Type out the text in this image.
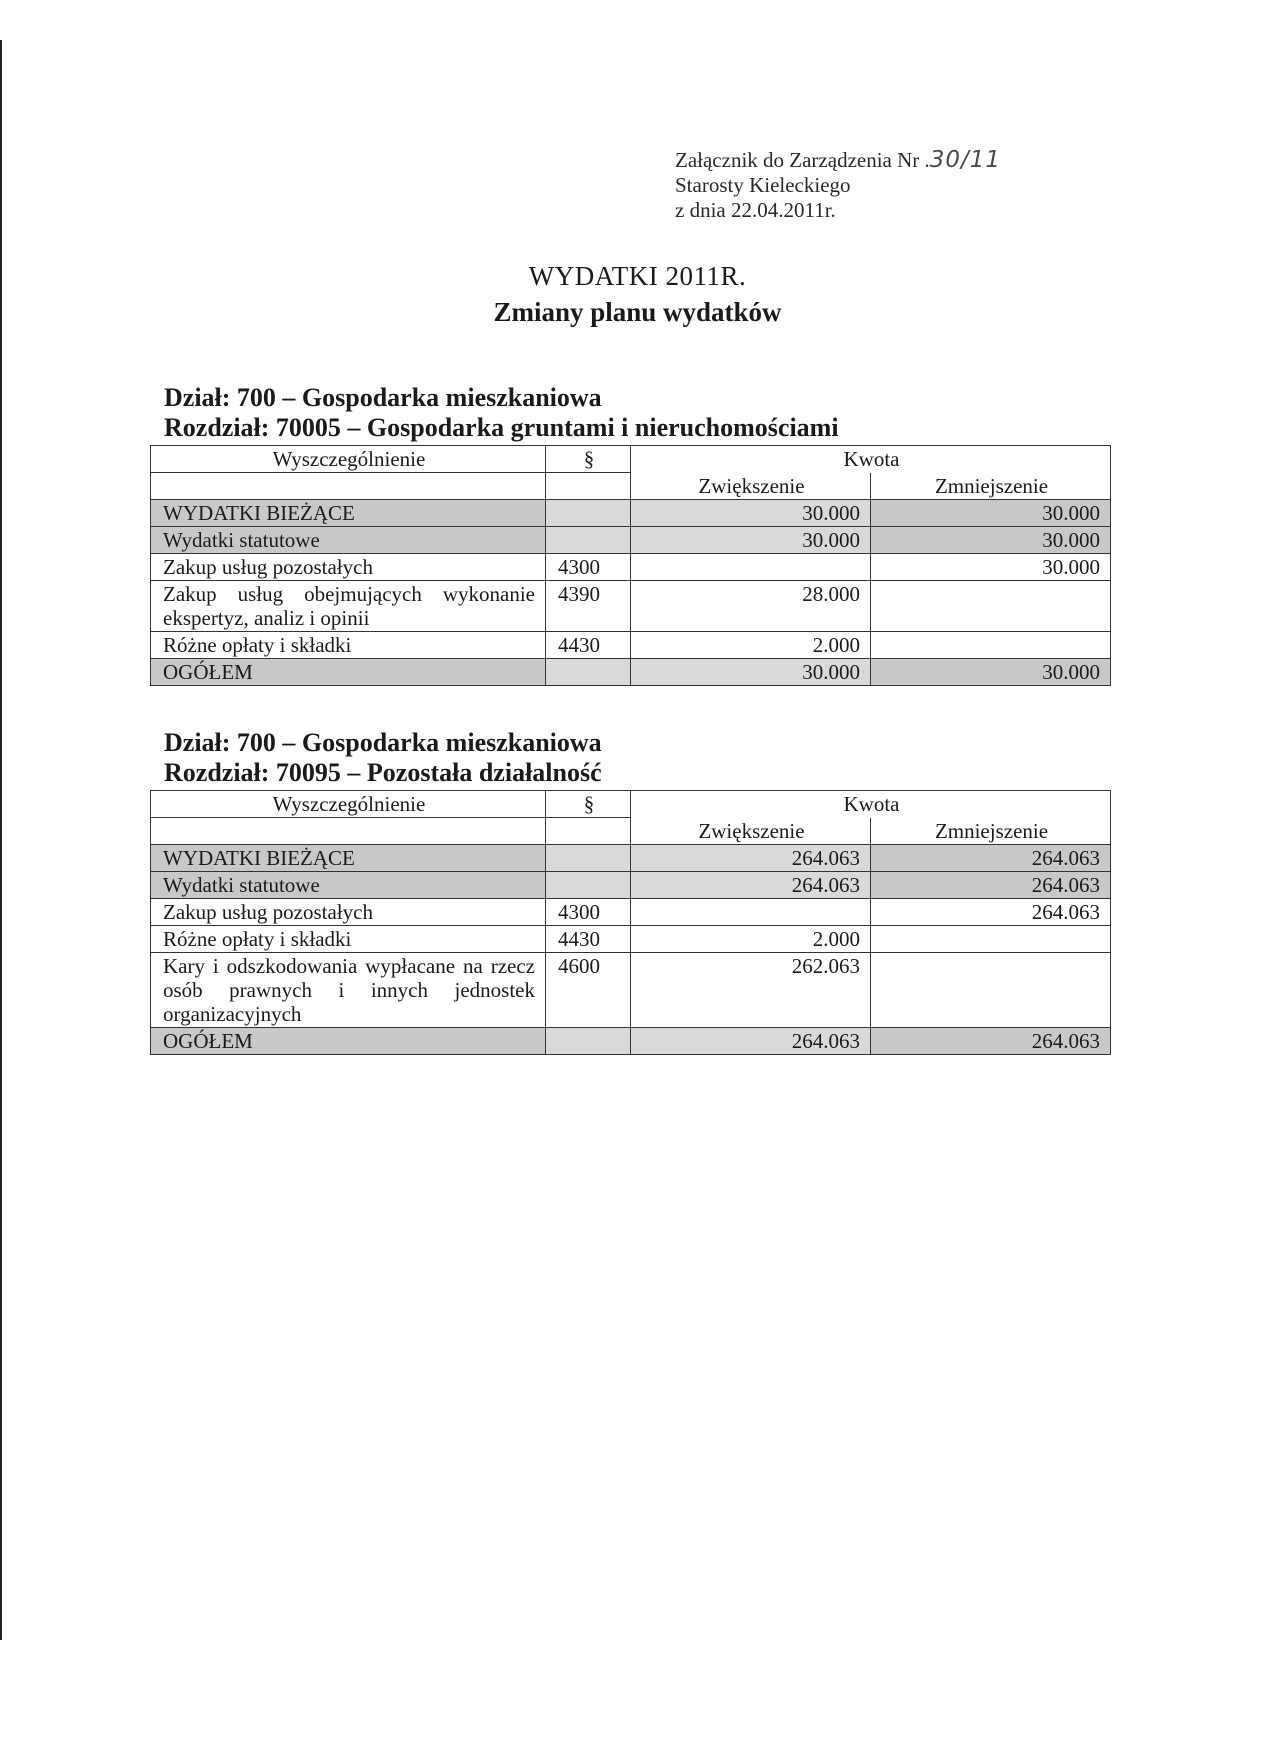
Załącznik do Zarządzenia Nr .30/11
Starosty Kieleckiego
z dnia 22.04.2011r.
WYDATKI 2011R.
Zmiany planu wydatków

Dział: 700 – Gospodarka mieszkaniowa

Rozdział: 70005 – Gospodarka gruntami i nieruchomościami

Wyszczególnienie	§	Kwota	
		Zwiększenie	Zmniejszenie
WYDATKI BIEŻĄCE		30.000	30.000
Wydatki statutowe		30.000	30.000
Zakup usług pozostałych	4300		30.000
Zakup usług obejmujących wykonanie ekspertyz, analiz i opinii	4390	28.000	
Różne opłaty i składki	4430	2.000	
OGÓŁEM		30.000	30.000

Dział: 700 – Gospodarka mieszkaniowa

Rozdział: 70095 – Pozostała działalność

Wyszczególnienie	§	Kwota	
		Zwiększenie	Zmniejszenie
WYDATKI BIEŻĄCE		264.063	264.063
Wydatki statutowe		264.063	264.063
Zakup usług pozostałych	4300		264.063
Różne opłaty i składki	4430	2.000	
Kary i odszkodowania wypłacane na rzecz osób prawnych i innych jednostek organizacyjnych	4600	262.063	
OGÓŁEM		264.063	264.063
